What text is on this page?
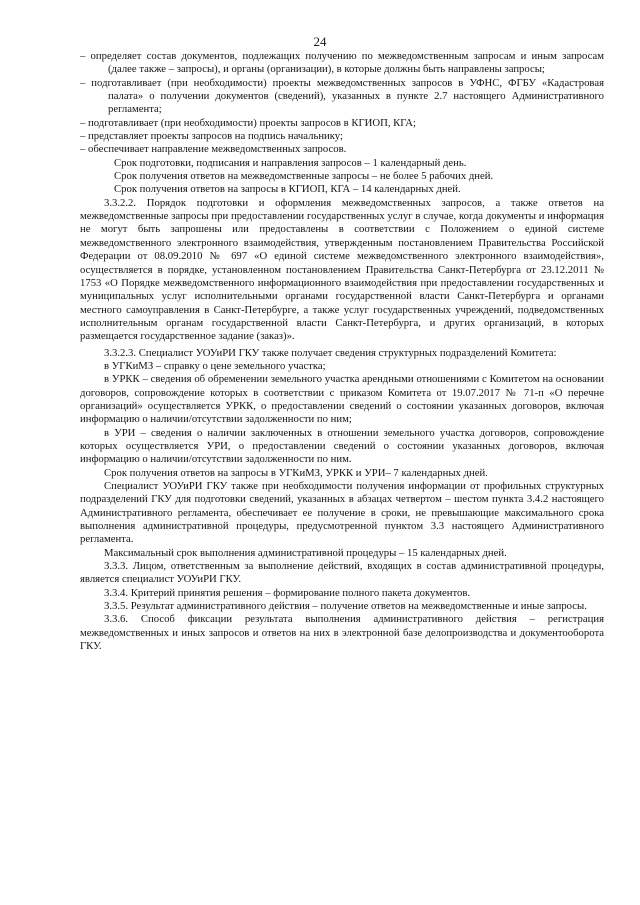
24

– определяет состав документов, подлежащих получению по межведомственным запросам и иным запросам (далее также – запросы), и органы (организации), в которые должны быть направлены запросы;

– подготавливает (при необходимости) проекты межведомственных запросов в УФНС, ФГБУ «Кадастровая палата» о получении документов (сведений), указанных в пункте 2.7 настоящего Административного регламента;

– подготавливает (при необходимости) проекты запросов в КГИОП, КГА;

– представляет проекты запросов на подпись начальнику;

– обеспечивает направление межведомственных запросов.

Срок подготовки, подписания и направления запросов – 1 календарный день.

Срок получения ответов на межведомственные запросы – не более 5 рабочих дней.

Срок получения ответов на запросы в КГИОП, КГА – 14 календарных дней.

3.3.2.2. Порядок подготовки и оформления межведомственных запросов, а также ответов на межведомственные запросы при предоставлении государственных услуг в случае, когда документы и информация не могут быть запрошены или предоставлены в соответствии с Положением о единой системе межведомственного электронного взаимодействия, утвержденным постановлением Правительства Российской Федерации от 08.09.2010 № 697 «О единой системе межведомственного электронного взаимодействия», осуществляется в порядке, установленном постановлением Правительства Санкт-Петербурга от 23.12.2011 № 1753 «О Порядке межведомственного информационного взаимодействия при предоставлении государственных и муниципальных услуг исполнительными органами государственной власти Санкт-Петербурга и органами местного самоуправления в Санкт-Петербурге, а также услуг государственных учреждений, подведомственных исполнительным органам государственной власти Санкт-Петербурга, и других организаций, в которых размещается государственное задание (заказ)».

3.3.2.3. Специалист УОУиРИ ГКУ также получает сведения структурных подразделений Комитета:

в УГКиМЗ – справку о цене земельного участка;

в УРКК – сведения об обременении земельного участка арендными отношениями с Комитетом на основании договоров, сопровождение которых в соответствии с приказом Комитета от 19.07.2017 № 71-п «О перечне организаций» осуществляется УРКК, о предоставлении сведений о состоянии указанных договоров, включая информацию о наличии/отсутствии задолженности по ним;

в УРИ – сведения о наличии заключенных в отношении земельного участка договоров, сопровождение которых осуществляется УРИ, о предоставлении сведений о состоянии указанных договоров, включая информацию о наличии/отсутствии задолженности по ним.

Срок получения ответов на запросы в УГКиМЗ, УРКК и УРИ– 7 календарных дней.

Специалист УОУиРИ ГКУ также при необходимости получения информации от профильных структурных подразделений ГКУ для подготовки сведений, указанных в абзацах четвертом – шестом пункта 3.4.2 настоящего Административного регламента, обеспечивает ее получение в сроки, не превышающие максимального срока выполнения административной процедуры, предусмотренной пунктом 3.3 настоящего Административного регламента.

Максимальный срок выполнения административной процедуры – 15 календарных дней.

3.3.3. Лицом, ответственным за выполнение действий, входящих в состав административной процедуры, является специалист УОУиРИ ГКУ.

3.3.4. Критерий принятия решения – формирование полного пакета документов.

3.3.5. Результат административного действия – получение ответов на межведомственные и иные запросы.

3.3.6. Способ фиксации результата выполнения административного действия – регистрация межведомственных и иных запросов и ответов на них в электронной базе делопроизводства и документооборота ГКУ.
